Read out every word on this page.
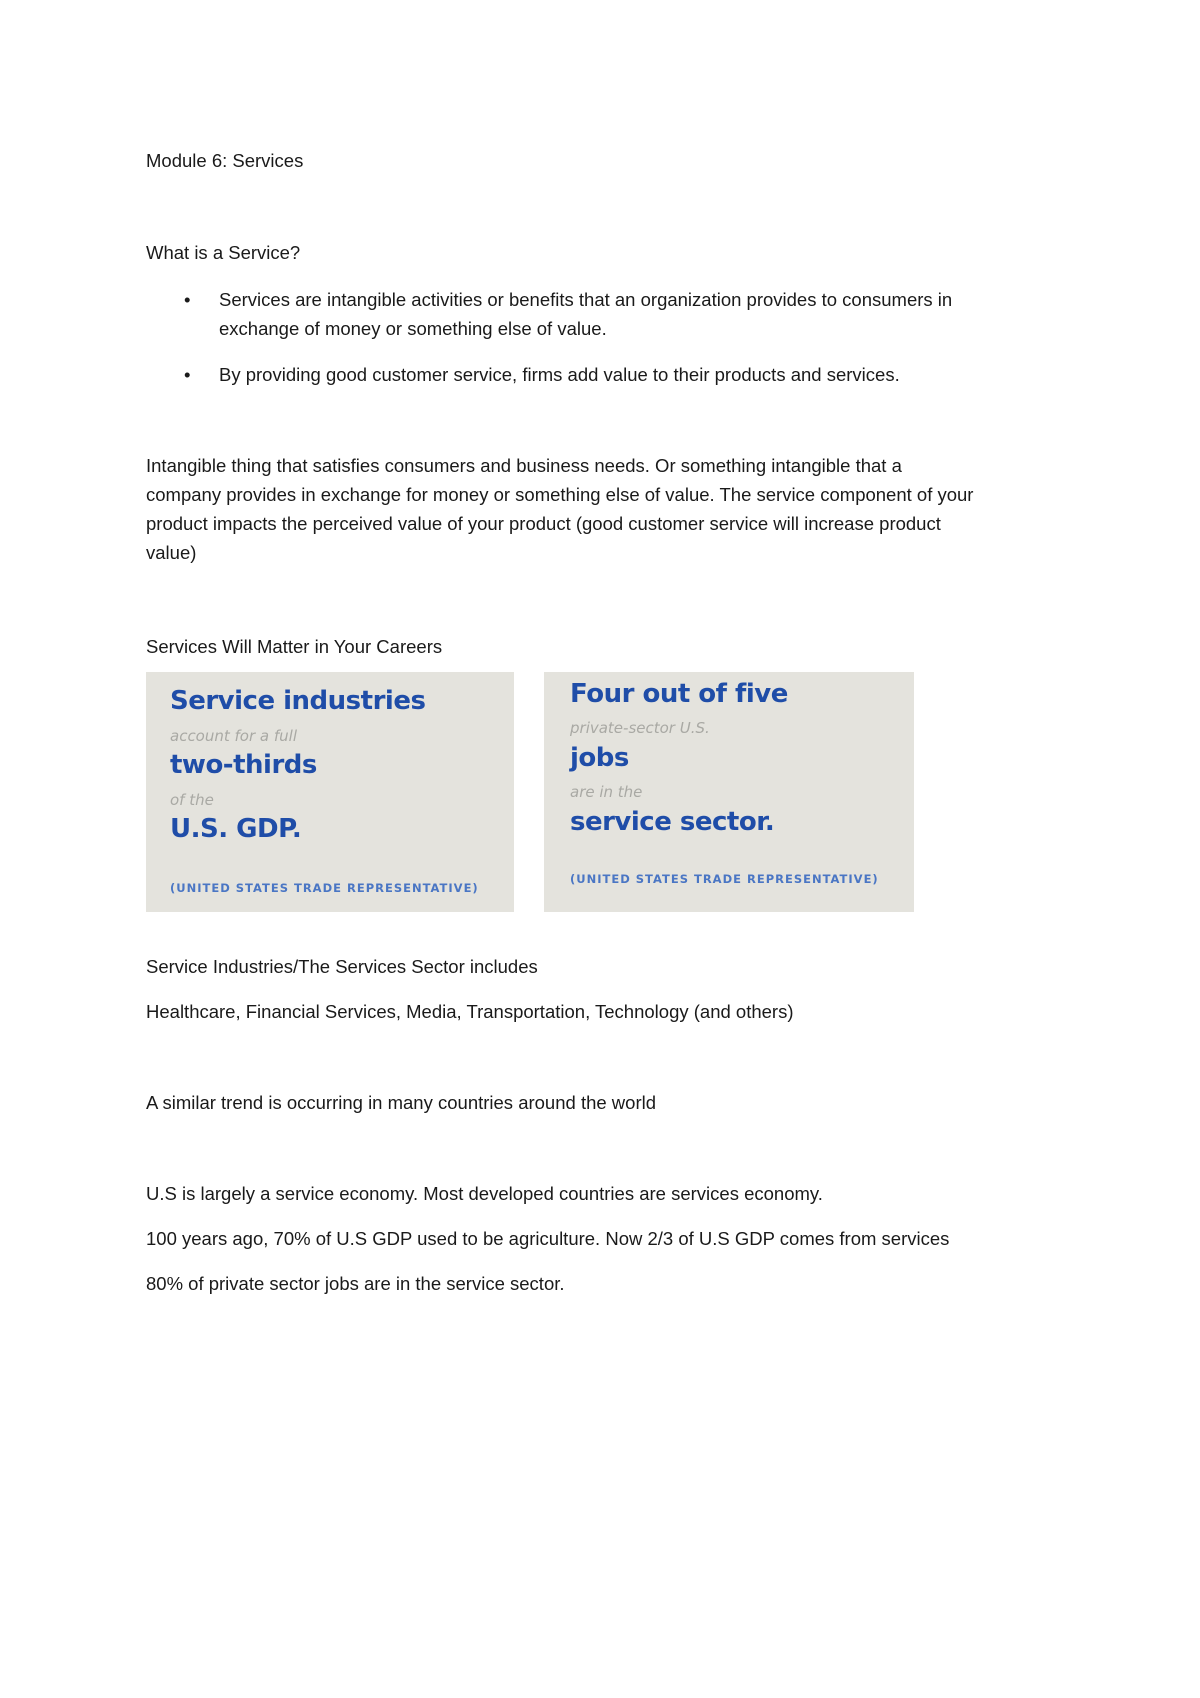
Module 6: Services
What is a Service?
• Services are intangible activities or benefits that an organization provides to consumers in
exchange of money or something else of value.
• By providing good customer service, firms add value to their products and services.
Intangible thing that satisfies consumers and business needs. Or something intangible that a
company provides in exchange for money or something else of value. The service component of your
product impacts the perceived value of your product (good customer service will increase product
value)
Services Will Matter in Your Careers
Service industries
account for a full
two-thirds
of the
U.S. GDP.
(UNITED STATES TRADE REPRESENTATIVE)
Four out of five
private-sector U.S.
jobs
are in the
service sector.
(UNITED STATES TRADE REPRESENTATIVE)
Service Industries/The Services Sector includes
Healthcare, Financial Services, Media, Transportation, Technology (and others)
A similar trend is occurring in many countries around the world
U.S is largely a service economy. Most developed countries are services economy.
100 years ago, 70% of U.S GDP used to be agriculture. Now 2/3 of U.S GDP comes from services
80% of private sector jobs are in the service sector.
